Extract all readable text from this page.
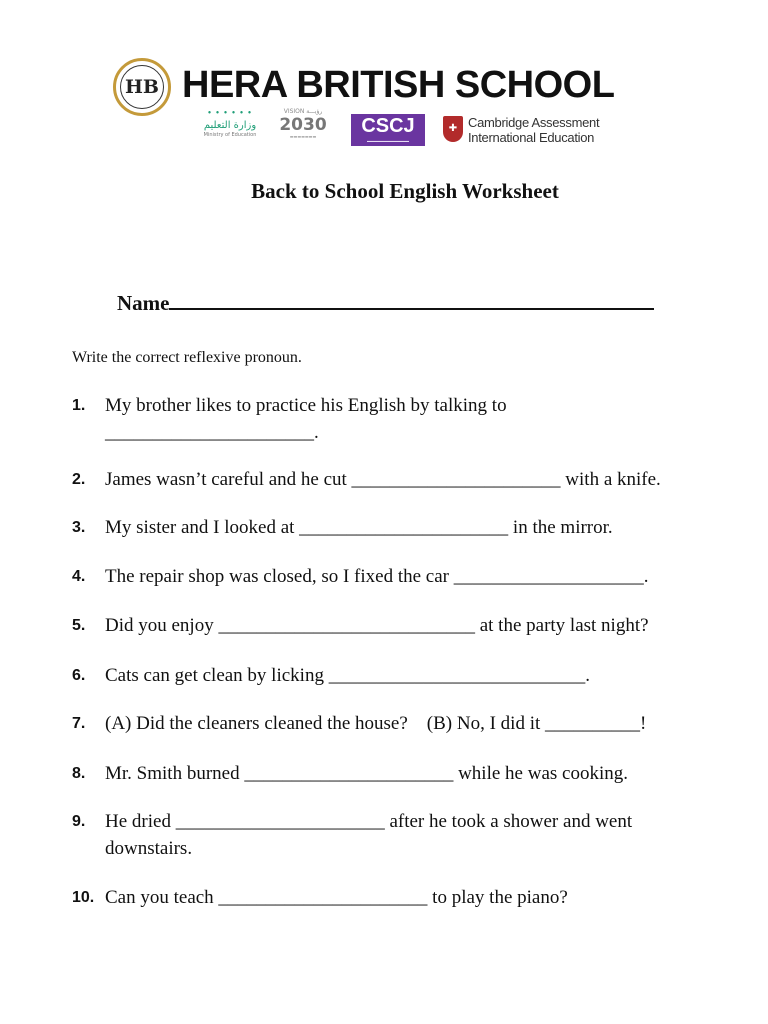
HB HERA BRITISH SCHOOL
• • • • • •
وزارة التعليم
Ministry of Education
VISION رؤيـــة
2030
▬▬▬▬▬▬▬	CSCJ
▬▬▬▬▬▬▬▬▬▬▬▬
✚ Cambridge Assessment
International Education
Back to School English Worksheet
Name
Write the correct reflexive pronoun.
1. My brother likes to practice his English by talking to ______________________.
2. James wasn’t careful and he cut ______________________ with a knife.
3. My sister and I looked at ______________________ in the mirror.
4. The repair shop was closed, so I fixed the car ____________________.
5. Did you enjoy ___________________________ at the party last night?
6. Cats can get clean by licking ___________________________.
7. (A) Did the cleaners cleaned the house?    (B) No, I did it __________!
8. Mr. Smith burned ______________________ while he was cooking.
9. He dried ______________________ after he took a shower and went downstairs.
10. Can you teach ______________________ to play the piano?
